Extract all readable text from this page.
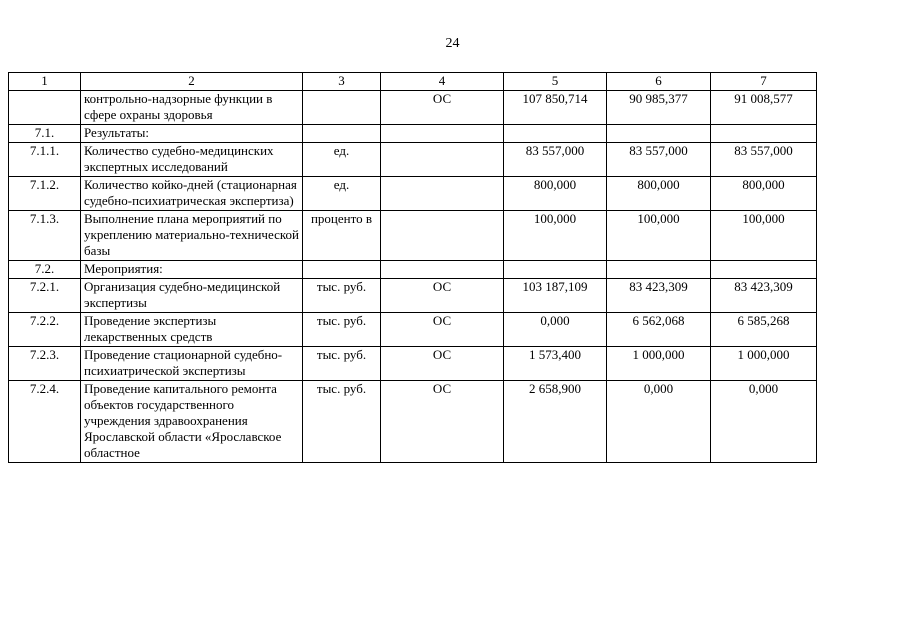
24
1	2	3	4	5	6	7
	контрольно-надзорные функции в сфере охраны здоровья		ОС	107 850,714	90 985,377	91 008,577
7.1.	Результаты:					
7.1.1.	Количество судебно-медицинских экспертных исследований	ед.		83 557,000	83 557,000	83 557,000
7.1.2.	Количество койко-дней (стационарная судебно-психиатрическая экспертиза)	ед.		800,000	800,000	800,000
7.1.3.	Выполнение плана мероприятий по укреплению материально-технической базы	проценто в		100,000	100,000	100,000
7.2.	Мероприятия:					
7.2.1.	Организация судебно-медицинской экспертизы	тыс. руб.	ОС	103 187,109	83 423,309	83 423,309
7.2.2.	Проведение экспертизы лекарственных средств	тыс. руб.	ОС	0,000	6 562,068	6 585,268
7.2.3.	Проведение стационарной судебно-психиатрической экспертизы	тыс. руб.	ОС	1 573,400	1 000,000	1 000,000
7.2.4.	Проведение капитального ремонта объектов государственного учреждения здравоохранения Ярославской области «Ярославское областное	тыс. руб.	ОС	2 658,900	0,000	0,000
